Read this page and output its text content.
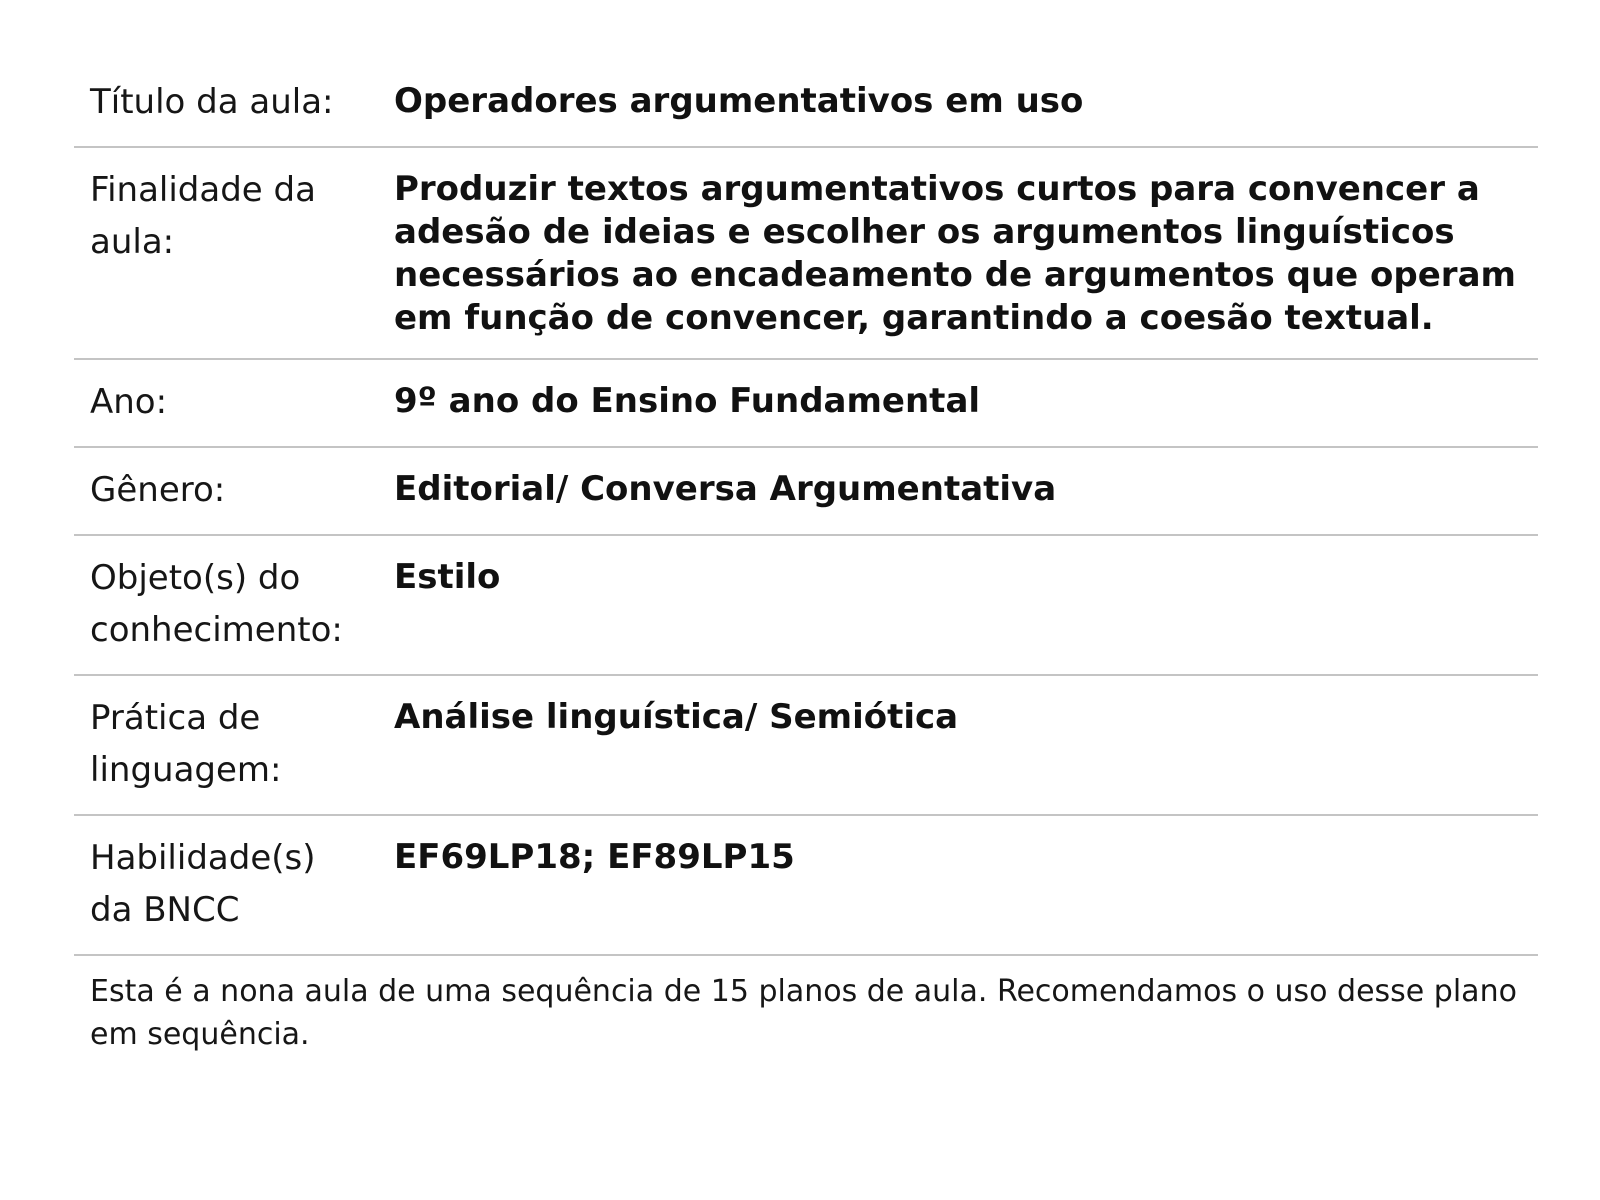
Título da aula:	Operadores argumentativos em uso
Finalidade da aula:	Produzir textos argumentativos curtos para convencer a adesão de ideias e escolher os argumentos linguísticos necessários ao encadeamento de argumentos que operam em função de convencer, garantindo a coesão textual.
Ano:	9º ano do Ensino Fundamental
Gênero:	Editorial/ Conversa Argumentativa
Objeto(s) do conhecimento:	Estilo
Prática de linguagem:	Análise linguística/ Semiótica
Habilidade(s) da BNCC	EF69LP18; EF89LP15
Esta é a nona aula de uma sequência de 15 planos de aula. Recomendamos o uso desse plano em sequência.
